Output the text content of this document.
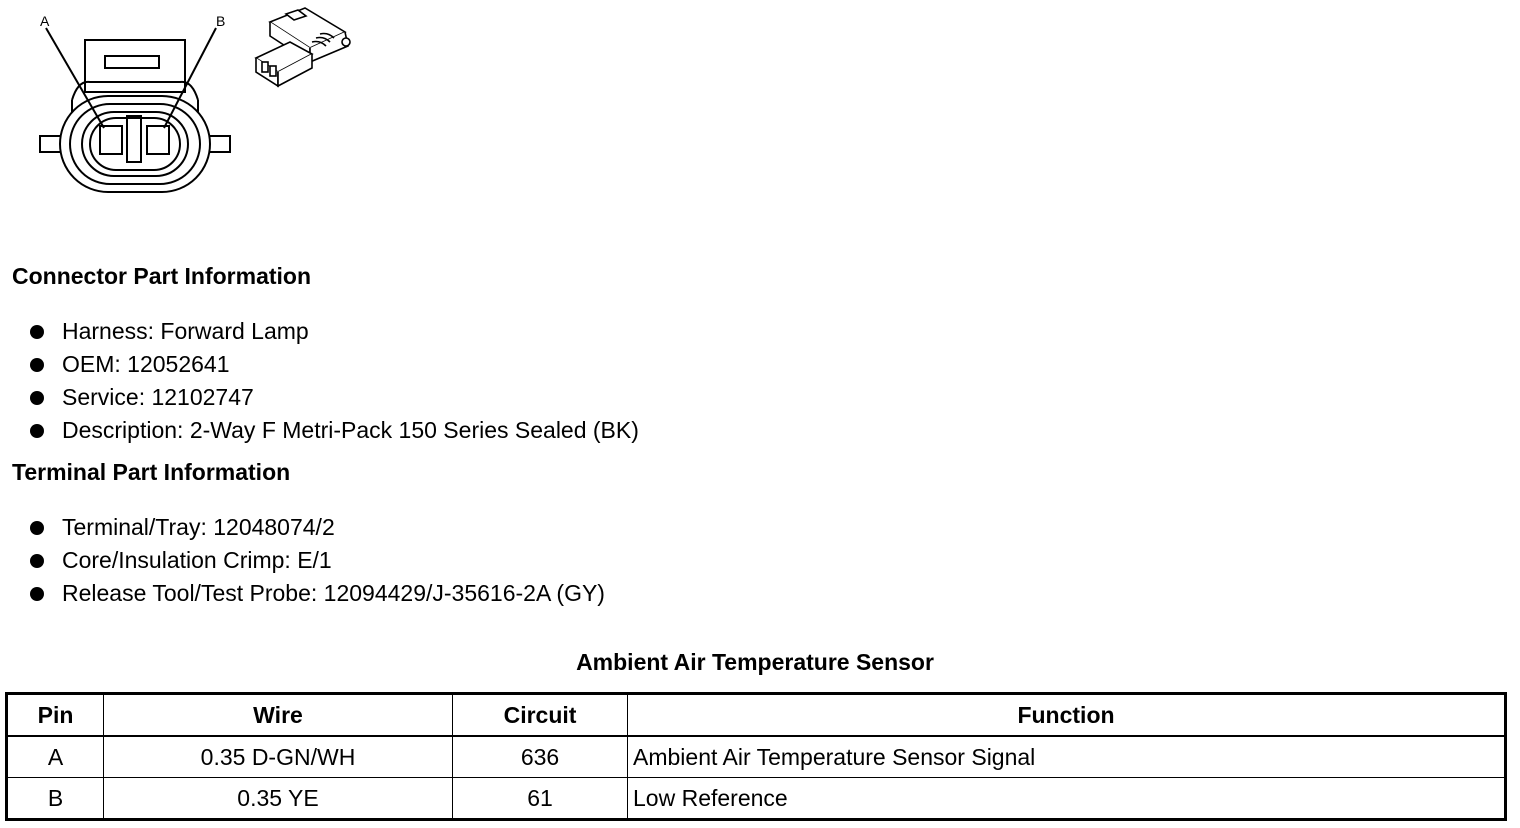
A	B
Connector Part Information
Harness: Forward Lamp
OEM: 12052641
Service: 12102747
Description: 2-Way F Metri-Pack 150 Series Sealed (BK)
Terminal Part Information
Terminal/Tray: 12048074/2
Core/Insulation Crimp: E/1
Release Tool/Test Probe: 12094429/J-35616-2A (GY)
Ambient Air Temperature Sensor
Pin	Wire	Circuit	Function
A	0.35 D-GN/WH	636	Ambient Air Temperature Sensor Signal
B	0.35 YE	61	Low Reference
